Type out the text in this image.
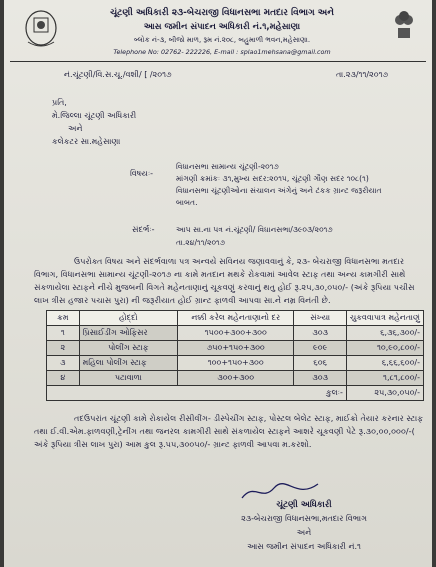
ચૂંટણી અધિકારી ૨૩-બેચરાજી વિધાનસભા મતદાર વિભાગ અને
આસ જમીન સંપાદન અધિકારી નં.૧,મહેસાણા
બ્લોક નં-૩, બીજો માળ, રૂમ નં.૨૦૮, બહુમાળી ભવન,મહેસાણા.
Telephone No: 02762- 222226, E-mail : splao1mehsana@gmail.com
નં.ચૂંટણી/વિ.સ.ચૂ./વશી/ [ /૨૦૧૭	તા.૨૩/૧૧/૨૦૧૭
પ્રતિ,
મે.જિલ્લા ચૂંટણી અધિકારી
અને
કલેકટર સા.મહેસાણા
વિષયઃ-
વિધાનસભા સામાન્ય ચૂંટણી-૨૦૧૭
માંગણી ક્રમાંકઃ ૩૧,મુખ્ય સદર:૨૦૧૫, ચૂંટણી ગૌણ સદર ૧૦૮(૧)
વિધાનસભા ચૂંટણીઓના સંચાલન અંગેનું અને ટંકક ગ્રાન્ટ જરૂરીયાત
બાબત.
સંદર્ભઃ-	આપ સા.ના પત્ર નં.ચૂંટણી/ વિધાનસભા/૩૯૦૩/૨૦૧૭
તા.૨૪/૧૧/૨૦૧૭
ઉપરોક્ત વિષય અને સંદર્ભવાળા પત્ર અન્વયે સવિનય જણાવવાનું કે, ૨૩- બેચરાજી વિધાનસભા મતદાર વિભાગ, વિધાનસભા સામાન્ય ચૂંટણી-૨૦૧૭ ના કામે મતદાન મથકે રોકવામાં આવેલ સ્ટાફ તથા અન્ય કામગીરી સાથે સંકળાયેલા સ્ટાફને નીચે મુજબની વિગતે મહેનતાણાનું ચૂકવણું કરવાનું થતુ હોઈ રૂ.૨૫,૩૦,૦૫૦/- (અંકે રૂપિયા પચીસ લાખ ત્રીસ હજાર પચાસ પુરા) ની જરૂરીયાત હોઈ ગ્રાન્ટ ફાળવી આપવા સા.ને નમ્ર વિનંતી છે.
ક્રમ	હોદ્દો	નક્કી કરેલ મહેનતાણાનો દર	સંખ્યા	ચુકવવાપાત્ર મહેનતાણું
૧	પ્રિસાઈડીંગ ઓફિસર	૧૫૦૦+૩૦૦+૩૦૦	૩૦૩	૬,૩૬,૩૦૦/-
૨	પોલીંગ સ્ટાફ	૭૫૦+૧૫૦+૩૦૦	૯૦૯	૧૦,૯૦,૮૦૦/-
૩	મહિલા પોલીંગ સ્ટાફ	૧૦૦+૧૫૦+૩૦૦	૬૦૬	૬,૬૬,૬૦૦/-
૪	પટાવાળા	૩૦૦+૩૦૦	૩૦૩	૧,૮૧,૮૦૦/-
કુલઃ-				૨૫,૩૦,૦૫૦/-
તદઉપરાંત ચૂંટણી કામે રોકાયેલ રીસીવીંગ- ડીસ્પેચીંગ સ્ટાફ, પોસ્ટલ બેલેટ સ્ટાફ, માઈક્રો તેયાર કરનાર સ્ટાફ તથા ઈ.વી.એમ.ફાળવણી,ટ્રેનીંગ તથા જનરલ કામગીરી સાથે સંકળાયેલ સ્ટાફને આશરે ચૂકવણી પેટે રૂ.૩૦,૦૦,૦૦૦/-( અંકે રૂપિયા ત્રીસ લાખ પુરા) આમ કુલ રૂ.૫૫,૩૦૦૫૦/- ગ્રાન્ટ ફાળવી આપવા મ.કરશો.
ચૂંટણી અધિકારી
૨૩-બેચરાજી વિધાનસભા,મતદાર વિભાગ
અને
આસ જમીન સંપાદન અધિકારી નં.૧
